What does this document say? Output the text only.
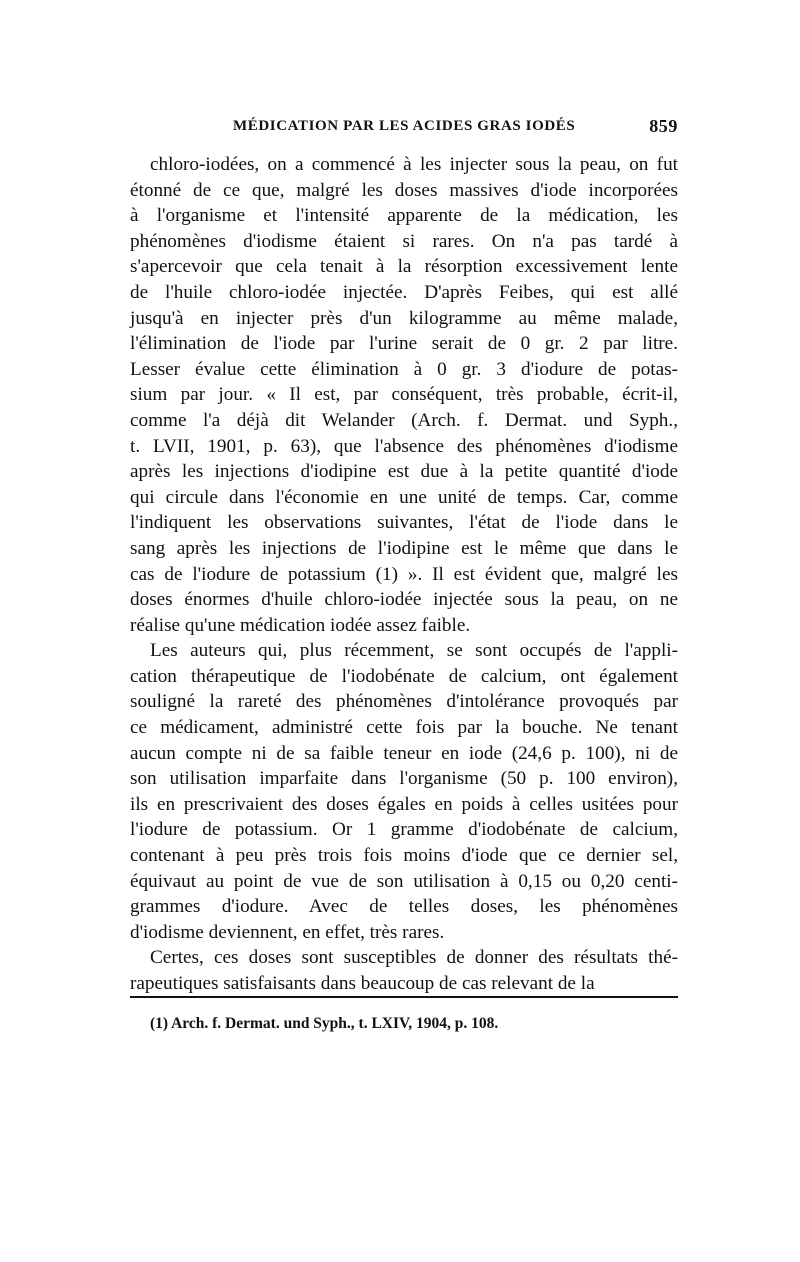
MÉDICATION PAR LES ACIDES GRAS IODÉS	859
chloro-iodées, on a commencé à les injecter sous la peau, on fut
étonné de ce que, malgré les doses massives d'iode incorporées
à l'organisme et l'intensité apparente de la médication, les
phénomènes d'iodisme étaient si rares. On n'a pas tardé à
s'apercevoir que cela tenait à la résorption excessivement lente
de l'huile chloro-iodée injectée. D'après Feibes, qui est allé
jusqu'à en injecter près d'un kilogramme au même malade,
l'élimination de l'iode par l'urine serait de 0 gr. 2 par litre.
Lesser évalue cette élimination à 0 gr. 3 d'iodure de potas-
sium par jour. « Il est, par conséquent, très probable, écrit-il,
comme l'a déjà dit Welander (Arch. f. Dermat. und Syph.,
t. LVII, 1901, p. 63), que l'absence des phénomènes d'iodisme
après les injections d'iodipine est due à la petite quantité d'iode
qui circule dans l'économie en une unité de temps. Car, comme
l'indiquent les observations suivantes, l'état de l'iode dans le
sang après les injections de l'iodipine est le même que dans le
cas de l'iodure de potassium (1) ». Il est évident que, malgré les
doses énormes d'huile chloro-iodée injectée sous la peau, on ne
réalise qu'une médication iodée assez faible.
Les auteurs qui, plus récemment, se sont occupés de l'appli-
cation thérapeutique de l'iodobénate de calcium, ont également
souligné la rareté des phénomènes d'intolérance provoqués par
ce médicament, administré cette fois par la bouche. Ne tenant
aucun compte ni de sa faible teneur en iode (24,6 p. 100), ni de
son utilisation imparfaite dans l'organisme (50 p. 100 environ),
ils en prescrivaient des doses égales en poids à celles usitées pour
l'iodure de potassium. Or 1 gramme d'iodobénate de calcium,
contenant à peu près trois fois moins d'iode que ce dernier sel,
équivaut au point de vue de son utilisation à 0,15 ou 0,20 centi-
grammes d'iodure. Avec de telles doses, les phénomènes
d'iodisme deviennent, en effet, très rares.
Certes, ces doses sont susceptibles de donner des résultats thé-
rapeutiques satisfaisants dans beaucoup de cas relevant de la
(1) Arch. f. Dermat. und Syph., t. LXIV, 1904, p. 108.
